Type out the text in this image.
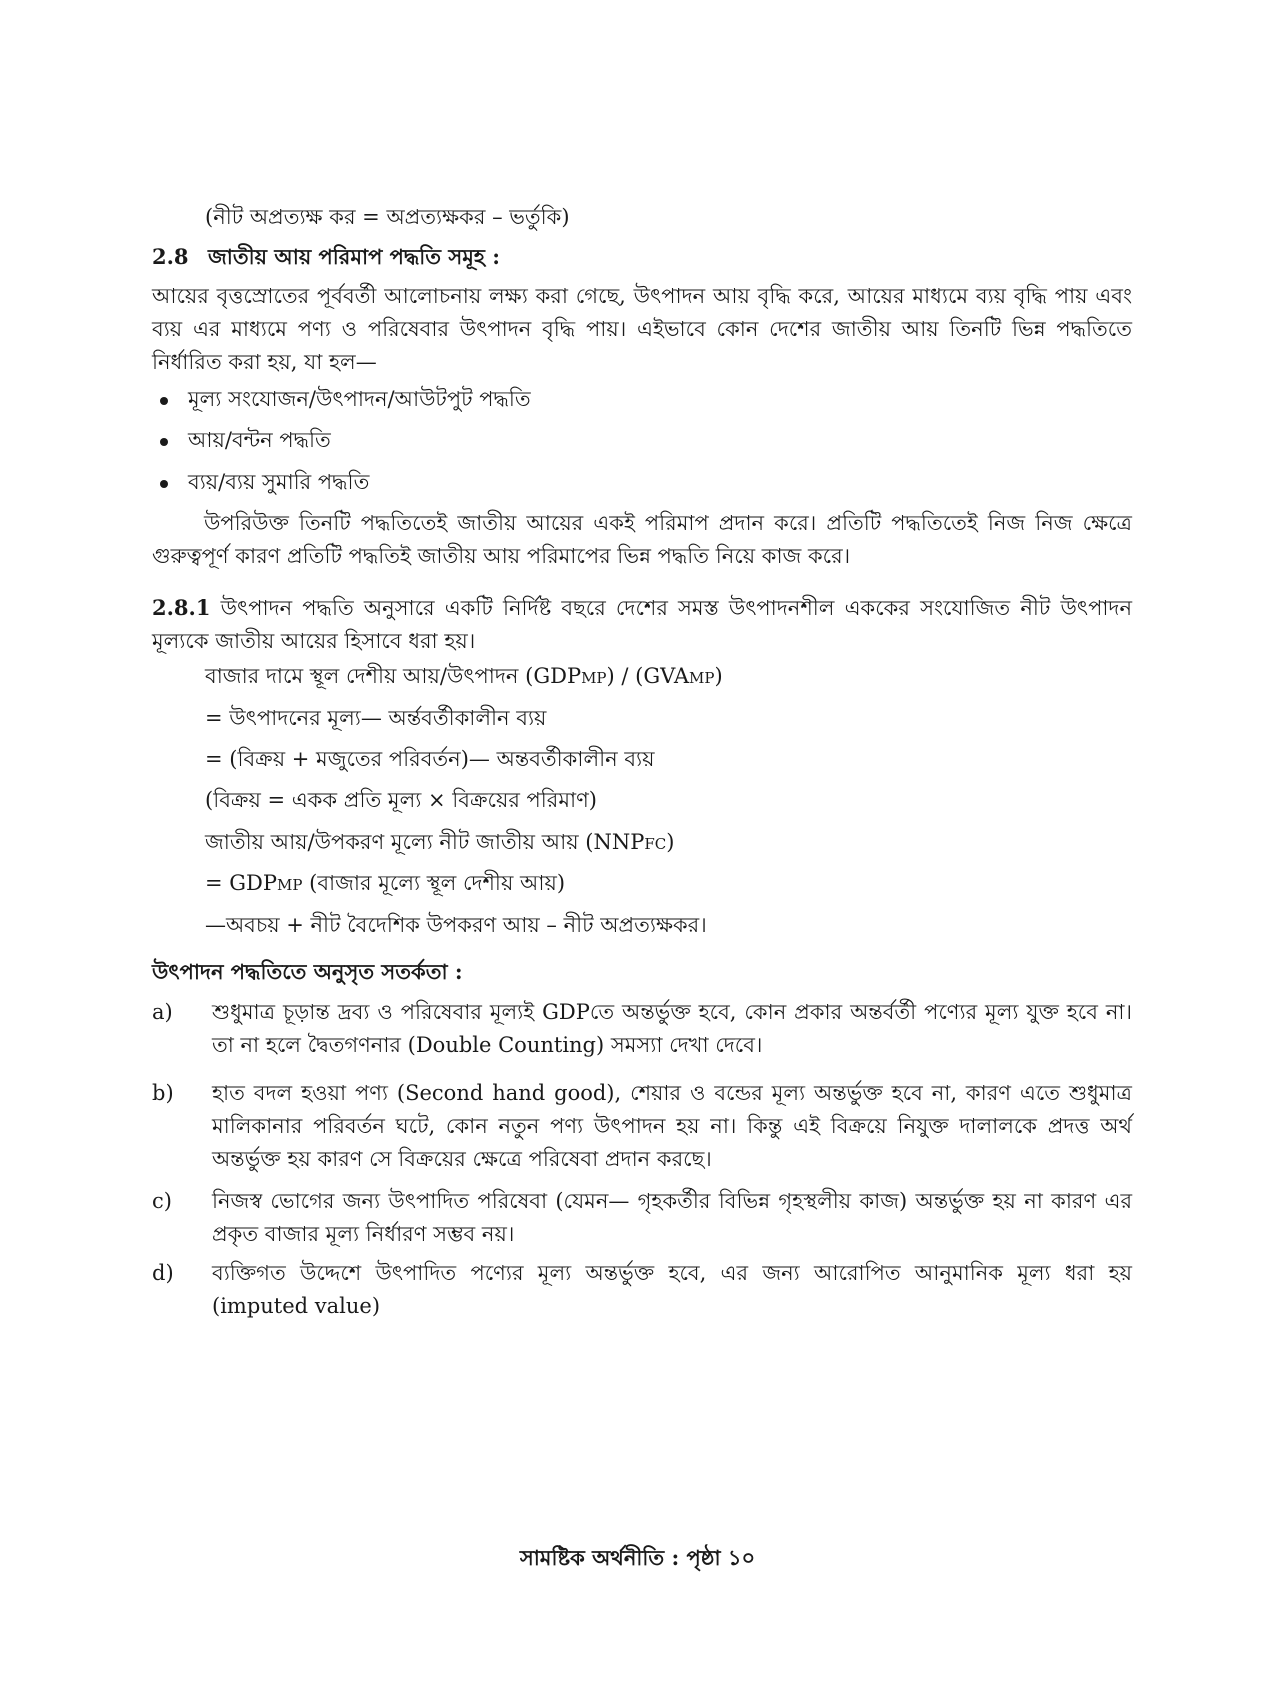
(নীট অপ্রত্যক্ষ কর = অপ্রত্যক্ষকর – ভর্তুকি)

2.8 জাতীয় আয় পরিমাপ পদ্ধতি সমূহ :

আয়ের বৃত্তস্রোতের পূর্ববর্তী আলোচনায় লক্ষ্য করা গেছে, উৎপাদন আয় বৃদ্ধি করে, আয়ের মাধ্যমে ব্যয় বৃদ্ধি পায় এবং ব্যয় এর মাধ্যমে পণ্য ও পরিষেবার উৎপাদন বৃদ্ধি পায়। এইভাবে কোন দেশের জাতীয় আয় তিনটি ভিন্ন পদ্ধতিতে নির্ধারিত করা হয়, যা হল—

মূল্য সংযোজন/উৎপাদন/আউটপুট পদ্ধতি
আয়/বন্টন পদ্ধতি
ব্যয়/ব্যয় সুমারি পদ্ধতি

উপরিউক্ত তিনটি পদ্ধতিতেই জাতীয় আয়ের একই পরিমাপ প্রদান করে। প্রতিটি পদ্ধতিতেই নিজ নিজ ক্ষেত্রে গুরুত্বপূর্ণ কারণ প্রতিটি পদ্ধতিই জাতীয় আয় পরিমাপের ভিন্ন পদ্ধতি নিয়ে কাজ করে।

2.8.1 উৎপাদন পদ্ধতি অনুসারে একটি নির্দিষ্ট বছরে দেশের সমস্ত উৎপাদনশীল এককের সংযোজিত নীট উৎপাদন মূল্যকে জাতীয় আয়ের হিসাবে ধরা হয়।

বাজার দামে স্থূল দেশীয় আয়/উৎপাদন (GDPMP) / (GVAMP)

= উৎপাদনের মূল্য— অর্ন্তবর্তীকালীন ব্যয়

= (বিক্রয় + মজুতের পরিবর্তন)— অন্তবর্তীকালীন ব্যয়

(বিক্রয় = একক প্রতি মূল্য × বিক্রয়ের পরিমাণ)

জাতীয় আয়/উপকরণ মূল্যে নীট জাতীয় আয় (NNPFC)

= GDPMP (বাজার মূল্যে স্থূল দেশীয় আয়)

—অবচয় + নীট বৈদেশিক উপকরণ আয় – নীট অপ্রত্যক্ষকর।

উৎপাদন পদ্ধতিতে অনুসৃত সতর্কতা :

a)	শুধুমাত্র চূড়ান্ত দ্রব্য ও পরিষেবার মূল্যই GDPতে অন্তর্ভুক্ত হবে, কোন প্রকার অন্তর্বর্তী পণ্যের মূল্য যুক্ত হবে না। তা না হলে দ্বৈতগণনার (Double Counting) সমস্যা দেখা দেবে।

b)	হাত বদল হওয়া পণ্য (Second hand good), শেয়ার ও বন্ডের মূল্য অন্তর্ভুক্ত হবে না, কারণ এতে শুধুমাত্র মালিকানার পরিবর্তন ঘটে, কোন নতুন পণ্য উৎপাদন হয় না। কিন্তু এই বিক্রয়ে নিযুক্ত দালালকে প্রদত্ত অর্থ অন্তর্ভুক্ত হয় কারণ সে বিক্রয়ের ক্ষেত্রে পরিষেবা প্রদান করছে।

c)	নিজস্ব ভোগের জন্য উৎপাদিত পরিষেবা (যেমন— গৃহকর্তীর বিভিন্ন গৃহস্থলীয় কাজ) অন্তর্ভুক্ত হয় না কারণ এর প্রকৃত বাজার মূল্য নির্ধারণ সম্ভব নয়।

d)	ব্যক্তিগত উদ্দেশে উৎপাদিত পণ্যের মূল্য অন্তর্ভুক্ত হবে, এর জন্য আরোপিত আনুমানিক মূল্য ধরা হয় (imputed value)

সামষ্টিক অর্থনীতি : পৃষ্ঠা ১০
